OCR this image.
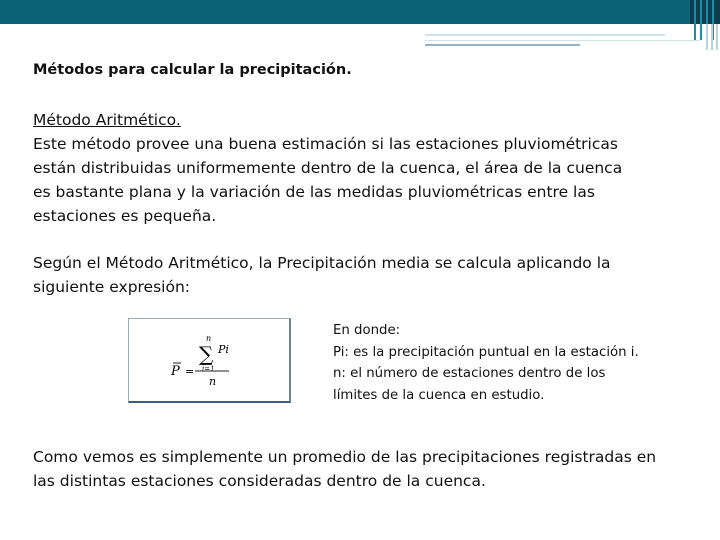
Métodos para calcular la precipitación.
Método Aritmético.
Este método provee una buena estimación si las estaciones pluviométricas
están distribuidas uniformemente dentro de la cuenca, el área de la cuenca
es bastante plana y la variación de las medidas pluviométricas entre las
estaciones es pequeña.
Según el Método Aritmético, la Precipitación media se calcula aplicando la
siguiente expresión:
n
∑ Pi
i=1
P =
n
En donde:
Pi: es la precipitación puntual en la estación i.
n: el número de estaciones dentro de los
límites de la cuenca en estudio.
Como vemos es simplemente un promedio de las precipitaciones registradas en
las distintas estaciones consideradas dentro de la cuenca.
